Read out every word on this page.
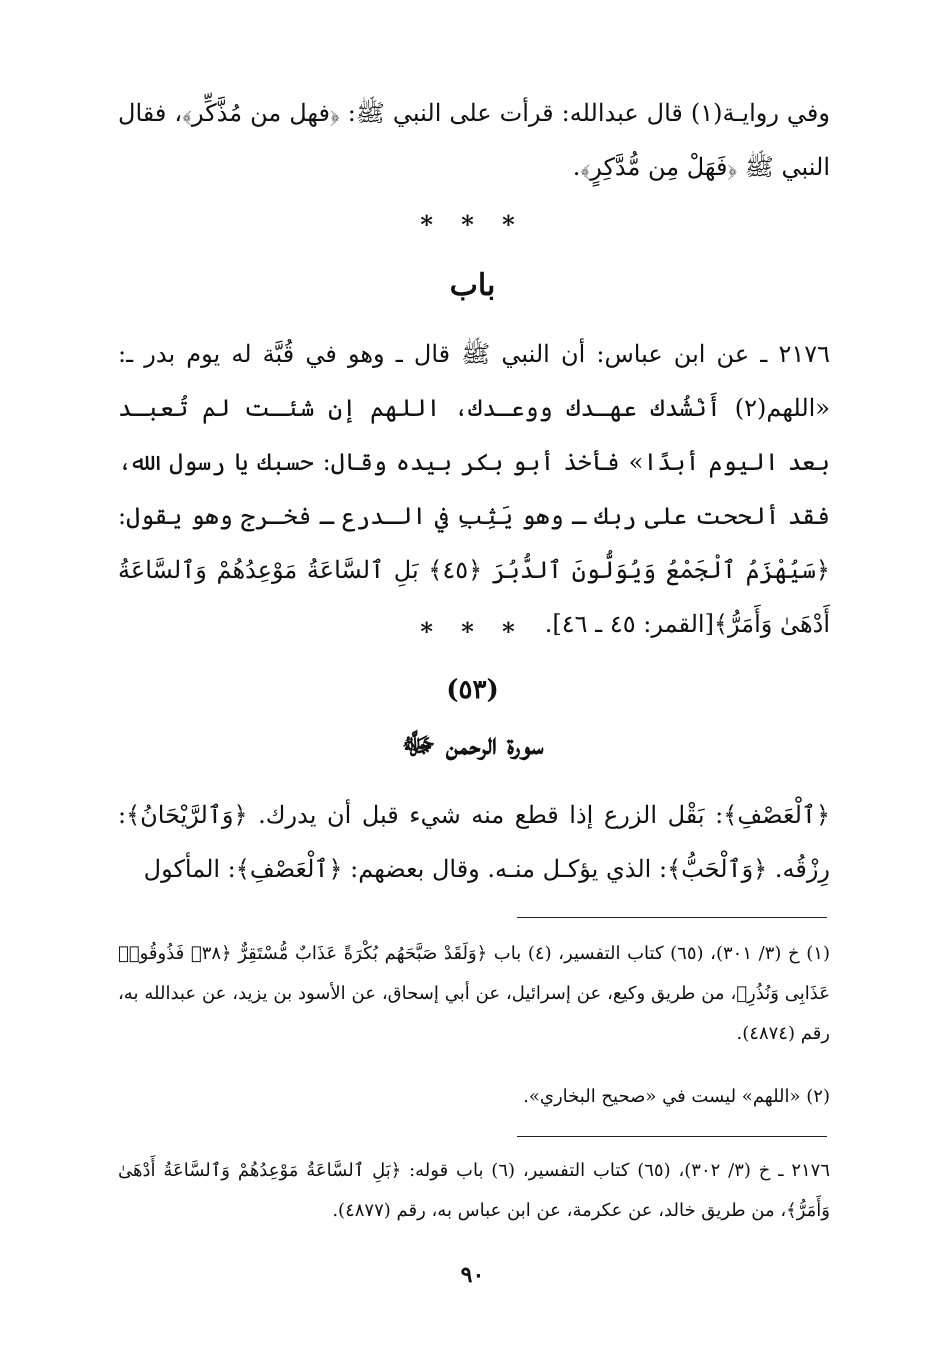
وفي روايـة(١) قال عبدالله: قرأت على النبي ﷺ: ﴿فهل من مُذَّكِّر﴾، فقال النبي ﷺ ﴿فَهَلْ مِن مُّدَّكِرٍ﴾.

* * *
باب

٢١٧٦ ـ عن ابن عباس: أن النبي ﷺ قال ـ وهو في قُبَّة له يوم بدر ـ: «اللهم(٢) أَنْشُدك عهـدك ووعـدك، اللهم إن شئـت لم تُعبـد بعد اليوم أبدًا» فأخذ أبو بكر بيده وقال: حسبك يا رسول الله، فقد ألححت على ربك ـ وهو يَثِبِ في الـدرع ـ فخـرج وهو يقول: ﴿سَيُهْزَمُ ٱلْجَمْعُ وَيُوَلُّونَ ٱلدُّبُرَ ﴿٤٥﴾ بَلِ ٱلسَّاعَةُ مَوْعِدُهُمْ وَٱلسَّاعَةُ أَدْهَىٰ وَأَمَرُّ﴾[القمر: ٤٥ ـ ٤٦].

* * *
(٥٣)
سورة الرحمن ﷻ

﴿ٱلْعَصْفِ﴾: بَقْل الزرع إذا قطع منه شيء قبل أن يدرك. ﴿وَٱلرَّيْحَانُ﴾: رِزْقُه. ﴿وَٱلْحَبُّ﴾: الذي يؤكـل منـه. وقال بعضهم: ﴿ٱلْعَصْفِ﴾: المأكول

(١) خ (٣/ ٣٠١)، (٦٥) كتاب التفسير، (٤) باب ﴿وَلَقَدْ صَبَّحَهُم بُكْرَةً عَذَابٌ مُّسْتَقِرٌّ ﴿٣٨﴾ فَذُوقُوا۟ عَذَابِى وَنُذُرِ﴾، من طريق وكيع، عن إسرائيل، عن أبي إسحاق، عن الأسود بن يزيد، عن عبدالله به، رقم (٤٨٧٤).

(٢) «اللهم» ليست في «صحيح البخاري».

٢١٧٦ ـ خ (٣/ ٣٠٢)، (٦٥) كتاب التفسير، (٦) باب قوله: ﴿بَلِ ٱلسَّاعَةُ مَوْعِدُهُمْ وَٱلسَّاعَةُ أَدْهَىٰ وَأَمَرُّ﴾، من طريق خالد، عن عكرمة، عن ابن عباس به، رقم (٤٨٧٧).

٩٠
